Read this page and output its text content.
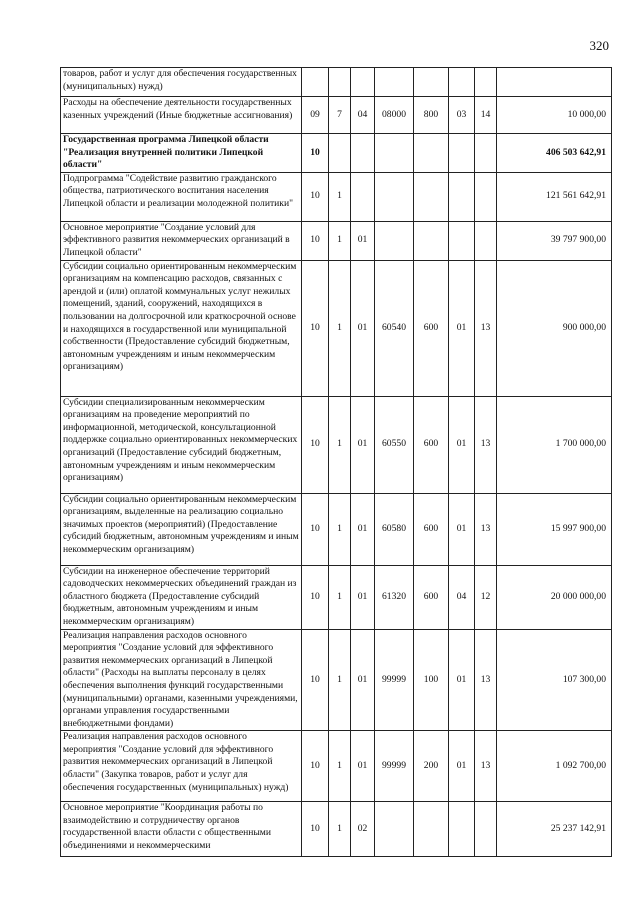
320
товаров, работ и услуг для обеспечения государственных (муниципальных) нужд)								
Расходы на обеспечение деятельности государственных казенных учреждений (Иные бюджетные ассигнования)	09	7	04	08000	800	03	14	10 000,00
Государственная программа Липецкой области "Реализация внутренней политики Липецкой области"	10							406 503 642,91
Подпрограмма "Содействие развитию гражданского общества, патриотического воспитания населения Липецкой области и реализации молодежной политики"	10	1						121 561 642,91
Основное мероприятие "Создание условий для эффективного развития некоммерческих организаций в Липецкой области"	10	1	01					39 797 900,00
Субсидии социально ориентированным некоммерческим организациям на компенсацию расходов, связанных с арендой и (или) оплатой коммунальных услуг нежилых помещений, зданий, сооружений, находящихся в пользовании на долгосрочной или краткосрочной основе и находящихся в государственной или муниципальной собственности (Предоставление субсидий бюджетным, автономным учреждениям и иным некоммерческим организациям)	10	1	01	60540	600	01	13	900 000,00
Субсидии специализированным некоммерческим организациям на проведение мероприятий по информационной, методической, консультационной поддержке социально ориентированных некоммерческих организаций (Предоставление субсидий бюджетным, автономным учреждениям и иным некоммерческим организациям)	10	1	01	60550	600	01	13	1 700 000,00
Субсидии социально ориентированным некоммерческим организациям, выделенные на реализацию социально значимых проектов (мероприятий) (Предоставление субсидий бюджетным, автономным учреждениям и иным некоммерческим организациям)	10	1	01	60580	600	01	13	15 997 900,00
Субсидии на инженерное обеспечение территорий садоводческих некоммерческих объединений граждан из областного бюджета (Предоставление субсидий бюджетным, автономным учреждениям и иным некоммерческим организациям)	10	1	01	61320	600	04	12	20 000 000,00
Реализация направления расходов основного мероприятия "Создание условий для эффективного развития некоммерческих организаций в Липецкой области" (Расходы на выплаты персоналу в целях обеспечения выполнения функций государственными (муниципальными) органами, казенными учреждениями, органами управления государственными внебюджетными фондами)	10	1	01	99999	100	01	13	107 300,00
Реализация направления расходов основного мероприятия "Создание условий для эффективного развития некоммерческих организаций в Липецкой области" (Закупка товаров, работ и услуг для обеспечения государственных (муниципальных) нужд)	10	1	01	99999	200	01	13	1 092 700,00
Основное мероприятие "Координация работы по взаимодействию и сотрудничеству органов государственной власти области с общественными объединениями и некоммерческими	10	1	02					25 237 142,91
